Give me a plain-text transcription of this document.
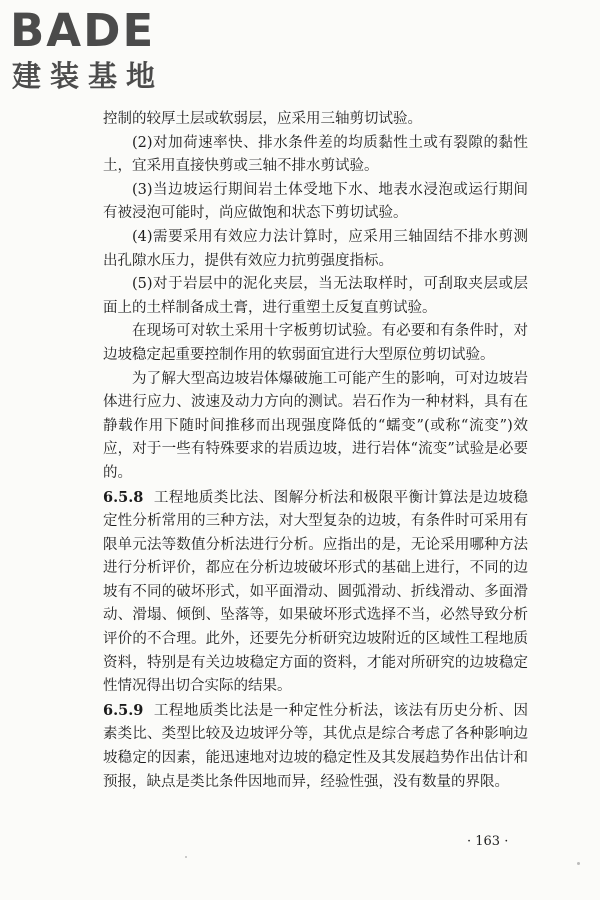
BADE
建装基地

控制的较厚土层或软弱层，应采用三轴剪切试验。

(2)对加荷速率快、排水条件差的均质黏性土或有裂隙的黏性土，宜采用直接快剪或三轴不排水剪试验。

(3)当边坡运行期间岩土体受地下水、地表水浸泡或运行期间有被浸泡可能时，尚应做饱和状态下剪切试验。

(4)需要采用有效应力法计算时，应采用三轴固结不排水剪测出孔隙水压力，提供有效应力抗剪强度指标。

(5)对于岩层中的泥化夹层，当无法取样时，可刮取夹层或层面上的土样制备成土膏，进行重塑土反复直剪试验。

在现场可对软土采用十字板剪切试验。有必要和有条件时，对边坡稳定起重要控制作用的软弱面宜进行大型原位剪切试验。

为了解大型高边坡岩体爆破施工可能产生的影响，可对边坡岩体进行应力、波速及动力方向的测试。岩石作为一种材料，具有在静载作用下随时间推移而出现强度降低的“蠕变”(或称“流变”)效应，对于一些有特殊要求的岩质边坡，进行岩体“流变”试验是必要的。

6.5.8 工程地质类比法、图解分析法和极限平衡计算法是边坡稳定性分析常用的三种方法，对大型复杂的边坡，有条件时可采用有限单元法等数值分析法进行分析。应指出的是，无论采用哪种方法进行分析评价，都应在分析边坡破坏形式的基础上进行，不同的边坡有不同的破坏形式，如平面滑动、圆弧滑动、折线滑动、多面滑动、滑塌、倾倒、坠落等，如果破坏形式选择不当，必然导致分析评价的不合理。此外，还要先分析研究边坡附近的区域性工程地质资料，特别是有关边坡稳定方面的资料，才能对所研究的边坡稳定性情况得出切合实际的结果。

6.5.9 工程地质类比法是一种定性分析法，该法有历史分析、因素类比、类型比较及边坡评分等，其优点是综合考虑了各种影响边坡稳定的因素，能迅速地对边坡的稳定性及其发展趋势作出估计和预报，缺点是类比条件因地而异，经验性强，没有数量的界限。

· 163 ·
